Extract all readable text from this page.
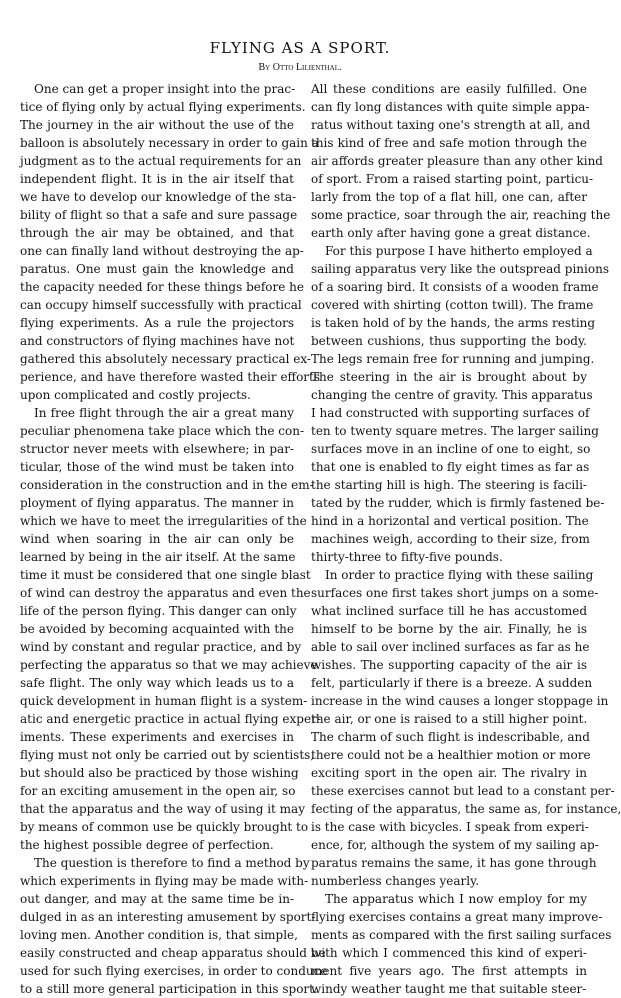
FLYING AS A SPORT.
By Otto Lilienthal.
One can get a proper insight into the prac-
tice of flying only by actual flying experiments.
The journey in the air without the use of the
balloon is absolutely necessary in order to gain a
judgment as to the actual requirements for an
independent flight. It is in the air itself that
we have to develop our knowledge of the sta-
bility of flight so that a safe and sure passage
through the air may be obtained, and that
one can finally land without destroying the ap-
paratus. One must gain the knowledge and
the capacity needed for these things before he
can occupy himself successfully with practical
flying experiments. As a rule the projectors
and constructors of flying machines have not
gathered this absolutely necessary practical ex-
perience, and have therefore wasted their efforts
upon complicated and costly projects.
In free flight through the air a great many
peculiar phenomena take place which the con-
structor never meets with elsewhere; in par-
ticular, those of the wind must be taken into
consideration in the construction and in the em-
ployment of flying apparatus. The manner in
which we have to meet the irregularities of the
wind when soaring in the air can only be
learned by being in the air itself. At the same
time it must be considered that one single blast
of wind can destroy the apparatus and even the
life of the person flying. This danger can only
be avoided by becoming acquainted with the
wind by constant and regular practice, and by
perfecting the apparatus so that we may achieve
safe flight. The only way which leads us to a
quick development in human flight is a system-
atic and energetic practice in actual flying exper-
iments. These experiments and exercises in
flying must not only be carried out by scientists,
but should also be practiced by those wishing
for an exciting amusement in the open air, so
that the apparatus and the way of using it may
by means of common use be quickly brought to
the highest possible degree of perfection.
The question is therefore to find a method by
which experiments in flying may be made with-
out danger, and may at the same time be in-
dulged in as an interesting amusement by sport-
loving men. Another condition is, that simple,
easily constructed and cheap apparatus should be
used for such flying exercises, in order to conduce
to a still more general participation in this sport.
All these conditions are easily fulfilled. One
can fly long distances with quite simple appa-
ratus without taxing one's strength at all, and
this kind of free and safe motion through the
air affords greater pleasure than any other kind
of sport. From a raised starting point, particu-
larly from the top of a flat hill, one can, after
some practice, soar through the air, reaching the
earth only after having gone a great distance.
For this purpose I have hitherto employed a
sailing apparatus very like the outspread pinions
of a soaring bird. It consists of a wooden frame
covered with shirting (cotton twill). The frame
is taken hold of by the hands, the arms resting
between cushions, thus supporting the body.
The legs remain free for running and jumping.
The steering in the air is brought about by
changing the centre of gravity. This apparatus
I had constructed with supporting surfaces of
ten to twenty square metres. The larger sailing
surfaces move in an incline of one to eight, so
that one is enabled to fly eight times as far as
the starting hill is high. The steering is facili-
tated by the rudder, which is firmly fastened be-
hind in a horizontal and vertical position. The
machines weigh, according to their size, from
thirty-three to fifty-five pounds.
In order to practice flying with these sailing
surfaces one first takes short jumps on a some-
what inclined surface till he has accustomed
himself to be borne by the air. Finally, he is
able to sail over inclined surfaces as far as he
wishes. The supporting capacity of the air is
felt, particularly if there is a breeze. A sudden
increase in the wind causes a longer stoppage in
the air, or one is raised to a still higher point.
The charm of such flight is indescribable, and
there could not be a healthier motion or more
exciting sport in the open air. The rivalry in
these exercises cannot but lead to a constant per-
fecting of the apparatus, the same as, for instance,
is the case with bicycles. I speak from experi-
ence, for, although the system of my sailing ap-
paratus remains the same, it has gone through
numberless changes yearly.
The apparatus which I now employ for my
flying exercises contains a great many improve-
ments as compared with the first sailing surfaces
with which I commenced this kind of experi-
ment five years ago. The first attempts in
windy weather taught me that suitable steer-
